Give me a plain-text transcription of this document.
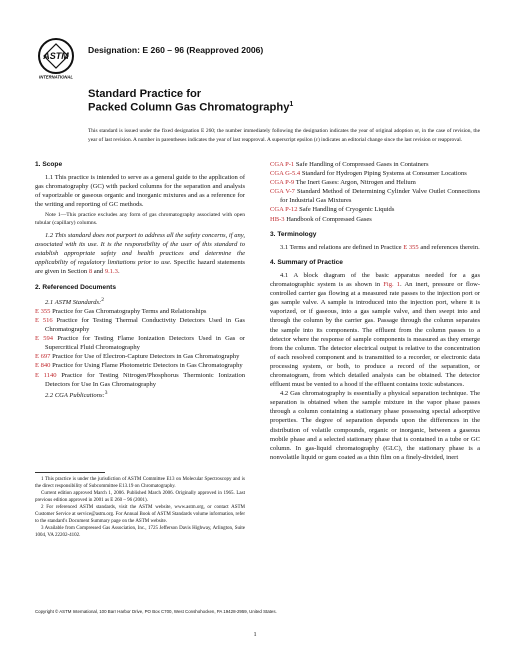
ASTM
INTERNATIONAL
Designation: E 260 – 96 (Reapproved 2006)
Standard Practice for
Packed Column Gas Chromatography$^1$
This standard is issued under the fixed designation E 260; the number immediately following the designation indicates the year of original adoption or, in the case of revision, the year of last revision. A number in parentheses indicates the year of last reapproval. A superscript epsilon (ε) indicates an editorial change since the last revision or reapproval.

1. Scope

1.1 This practice is intended to serve as a general guide to the application of gas chromatography (GC) with packed columns for the separation and analysis of vaporizable or gaseous organic and inorganic mixtures and as a reference for the writing and reporting of GC methods.

Note 1—This practice excludes any form of gas chromatography associated with open tubular (capillary) columns.

1.2 This standard does not purport to address all the safety concerns, if any, associated with its use. It is the responsibility of the user of this standard to establish appropriate safety and health practices and determine the applicability of regulatory limitations prior to use. Specific hazard statements are given in Section 8 and 9.1.3.

2. Referenced Documents

2.1 ASTM Standards:$^2$

E 355 Practice for Gas Chromatography Terms and Relationships

E 516 Practice for Testing Thermal Conductivity Detectors Used in Gas Chromatography

E 594 Practice for Testing Flame Ionization Detectors Used in Gas or Supercritical Fluid Chromatography

E 697 Practice for Use of Electron-Capture Detectors in Gas Chromatography

E 840 Practice for Using Flame Photometric Detectors in Gas Chromatography

E 1140 Practice for Testing Nitrogen/Phosphorus Thermionic Ionization Detectors for Use In Gas Chromatography

2.2 CGA Publications:$^3$

CGA P-1 Safe Handling of Compressed Gases in Containers

CGA G-5.4 Standard for Hydrogen Piping Systems at Consumer Locations

CGA P-9 The Inert Gases: Argon, Nitrogen and Helium

CGA V-7 Standard Method of Determining Cylinder Valve Outlet Connections for Industrial Gas Mixtures

CGA P-12 Safe Handling of Cryogenic Liquids

HB-3 Handbook of Compressed Gases

3. Terminology

3.1 Terms and relations are defined in Practice E 355 and references therein.

4. Summary of Practice

4.1 A block diagram of the basic apparatus needed for a gas chromatographic system is as shown in Fig. 1. An inert, pressure or flow-controlled carrier gas flowing at a measured rate passes to the injection port or gas sample valve. A sample is introduced into the injection port, where it is vaporized, or if gaseous, into a gas sample valve, and then swept into and through the column by the carrier gas. Passage through the column separates the sample into its components. The effluent from the column passes to a detector where the response of sample components is measured as they emerge from the column. The detector electrical output is relative to the concentration of each resolved component and is transmitted to a recorder, or electronic data processing system, or both, to produce a record of the separation, or chromatogram, from which detailed analysis can be obtained. The detector effluent must be vented to a hood if the effluent contains toxic substances.

4.2 Gas chromatography is essentially a physical separation technique. The separation is obtained when the sample mixture in the vapor phase passes through a column containing a stationary phase possessing special adsorptive properties. The degree of separation depends upon the differences in the distribution of volatile compounds, organic or inorganic, between a gaseous mobile phase and a selected stationary phase that is contained in a tube or GC column. In gas-liquid chromatography (GLC), the stationary phase is a nonvolatile liquid or gum coated as a thin film on a finely-divided, inert

1 This practice is under the jurisdiction of ASTM Committee E13 on Molecular Spectroscopy and is the direct responsibility of Subcommittee E13.19 on Chromatography.

Current edition approved March 1, 2006. Published March 2006. Originally approved in 1965. Last previous edition approved in 2001 as E 260 – 96 (2001).

2 For referenced ASTM standards, visit the ASTM website, www.astm.org, or contact ASTM Customer Service at service@astm.org. For Annual Book of ASTM Standards volume information, refer to the standard's Document Summary page on the ASTM website.

3 Available from Compressed Gas Association, Inc., 1725 Jefferson Davis Highway, Arlington, Suite 1004, VA 22202-4102.

Copyright © ASTM International, 100 Barr Harbor Drive, PO Box C700, West Conshohocken, PA 19428-2959, United States.
1
